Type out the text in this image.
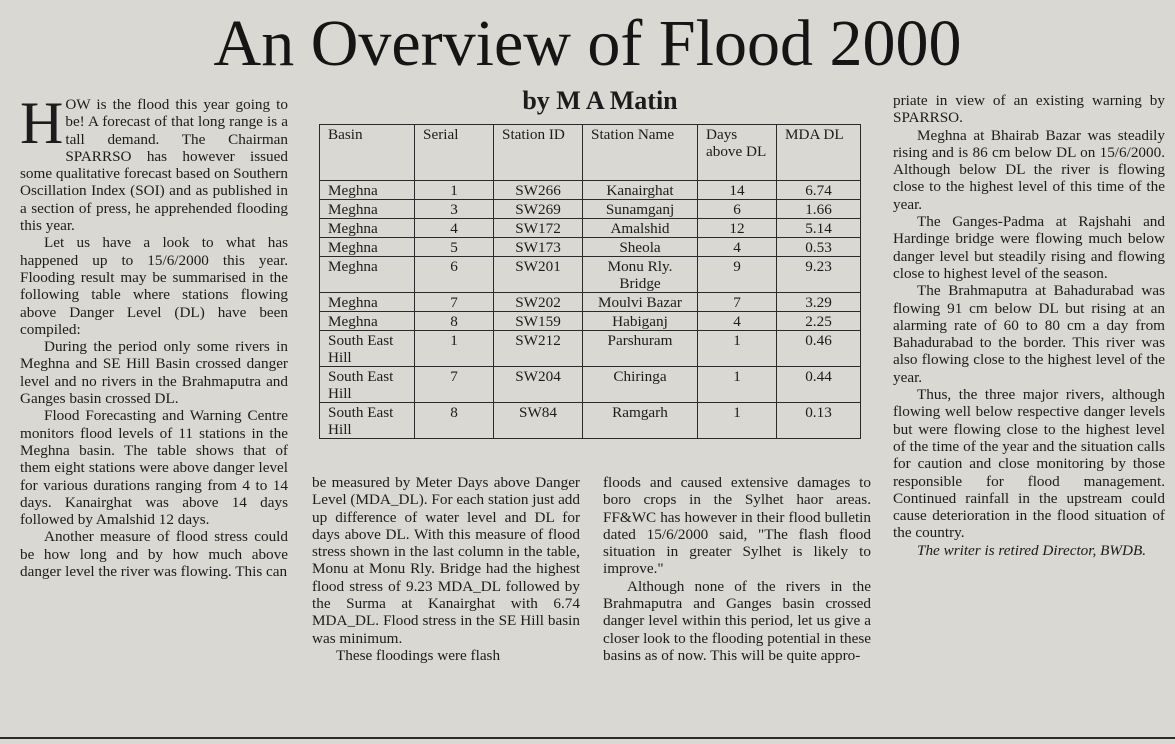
An Overview of Flood 2000
by M A Matin

HOW is the flood this year going to be! A forecast of that long range is a tall demand. The Chairman SPARRSO has however issued some qualitative forecast based on Southern Oscillation Index (SOI) and as published in a section of press, he apprehended flooding this year.

Let us have a look to what has happened up to 15/6/2000 this year. Flooding result may be summarised in the following table where stations flowing above Danger Level (DL) have been compiled:

During the period only some rivers in Meghna and SE Hill Basin crossed danger level and no rivers in the Brahmaputra and Ganges basin crossed DL.

Flood Forecasting and Warning Centre monitors flood levels of 11 stations in the Meghna basin. The table shows that of them eight stations were above danger level for various durations ranging from 4 to 14 days. Kanairghat was above 14 days followed by Amalshid 12 days.

Another measure of flood stress could be how long and by how much above danger level the river was flowing. This can

Basin	Serial	Station ID	Station Name	Days above DL	MDA DL
Meghna	1	SW266	Kanairghat	14	6.74
Meghna	3	SW269	Sunamganj	6	1.66
Meghna	4	SW172	Amalshid	12	5.14
Meghna	5	SW173	Sheola	4	0.53
Meghna	6	SW201	Monu Rly. Bridge	9	9.23
Meghna	7	SW202	Moulvi Bazar	7	3.29
Meghna	8	SW159	Habiganj	4	2.25
South East Hill	1	SW212	Parshuram	1	0.46
South East Hill	7	SW204	Chiringa	1	0.44
South East Hill	8	SW84	Ramgarh	1	0.13

be measured by Meter Days above Danger Level (MDA_DL). For each station just add up difference of water level and DL for days above DL. With this measure of flood stress shown in the last column in the table, Monu at Monu Rly. Bridge had the highest flood stress of 9.23 MDA_DL followed by the Surma at Kanairghat with 6.74 MDA_DL. Flood stress in the SE Hill basin was minimum.

These floodings were flash

floods and caused extensive damages to boro crops in the Sylhet haor areas. FF&WC has however in their flood bulletin dated 15/6/2000 said, "The flash flood situation in greater Sylhet is likely to improve."

Although none of the rivers in the Brahmaputra and Ganges basin crossed danger level within this period, let us give a closer look to the flooding potential in these basins as of now. This will be quite appro-

priate in view of an existing warning by SPARRSO.

Meghna at Bhairab Bazar was steadily rising and is 86 cm below DL on 15/6/2000. Although below DL the river is flowing close to the highest level of this time of the year.

The Ganges-Padma at Rajshahi and Hardinge bridge were flowing much below danger level but steadily rising and flowing close to highest level of the season.

The Brahmaputra at Bahadurabad was flowing 91 cm below DL but rising at an alarming rate of 60 to 80 cm a day from Bahadurabad to the border. This river was also flowing close to the highest level of the year.

Thus, the three major rivers, although flowing well below respective danger levels but were flowing close to the highest level of the time of the year and the situation calls for caution and close monitoring by those responsible for flood management. Continued rainfall in the upstream could cause deterioration in the flood situation of the country.

The writer is retired Director, BWDB.
